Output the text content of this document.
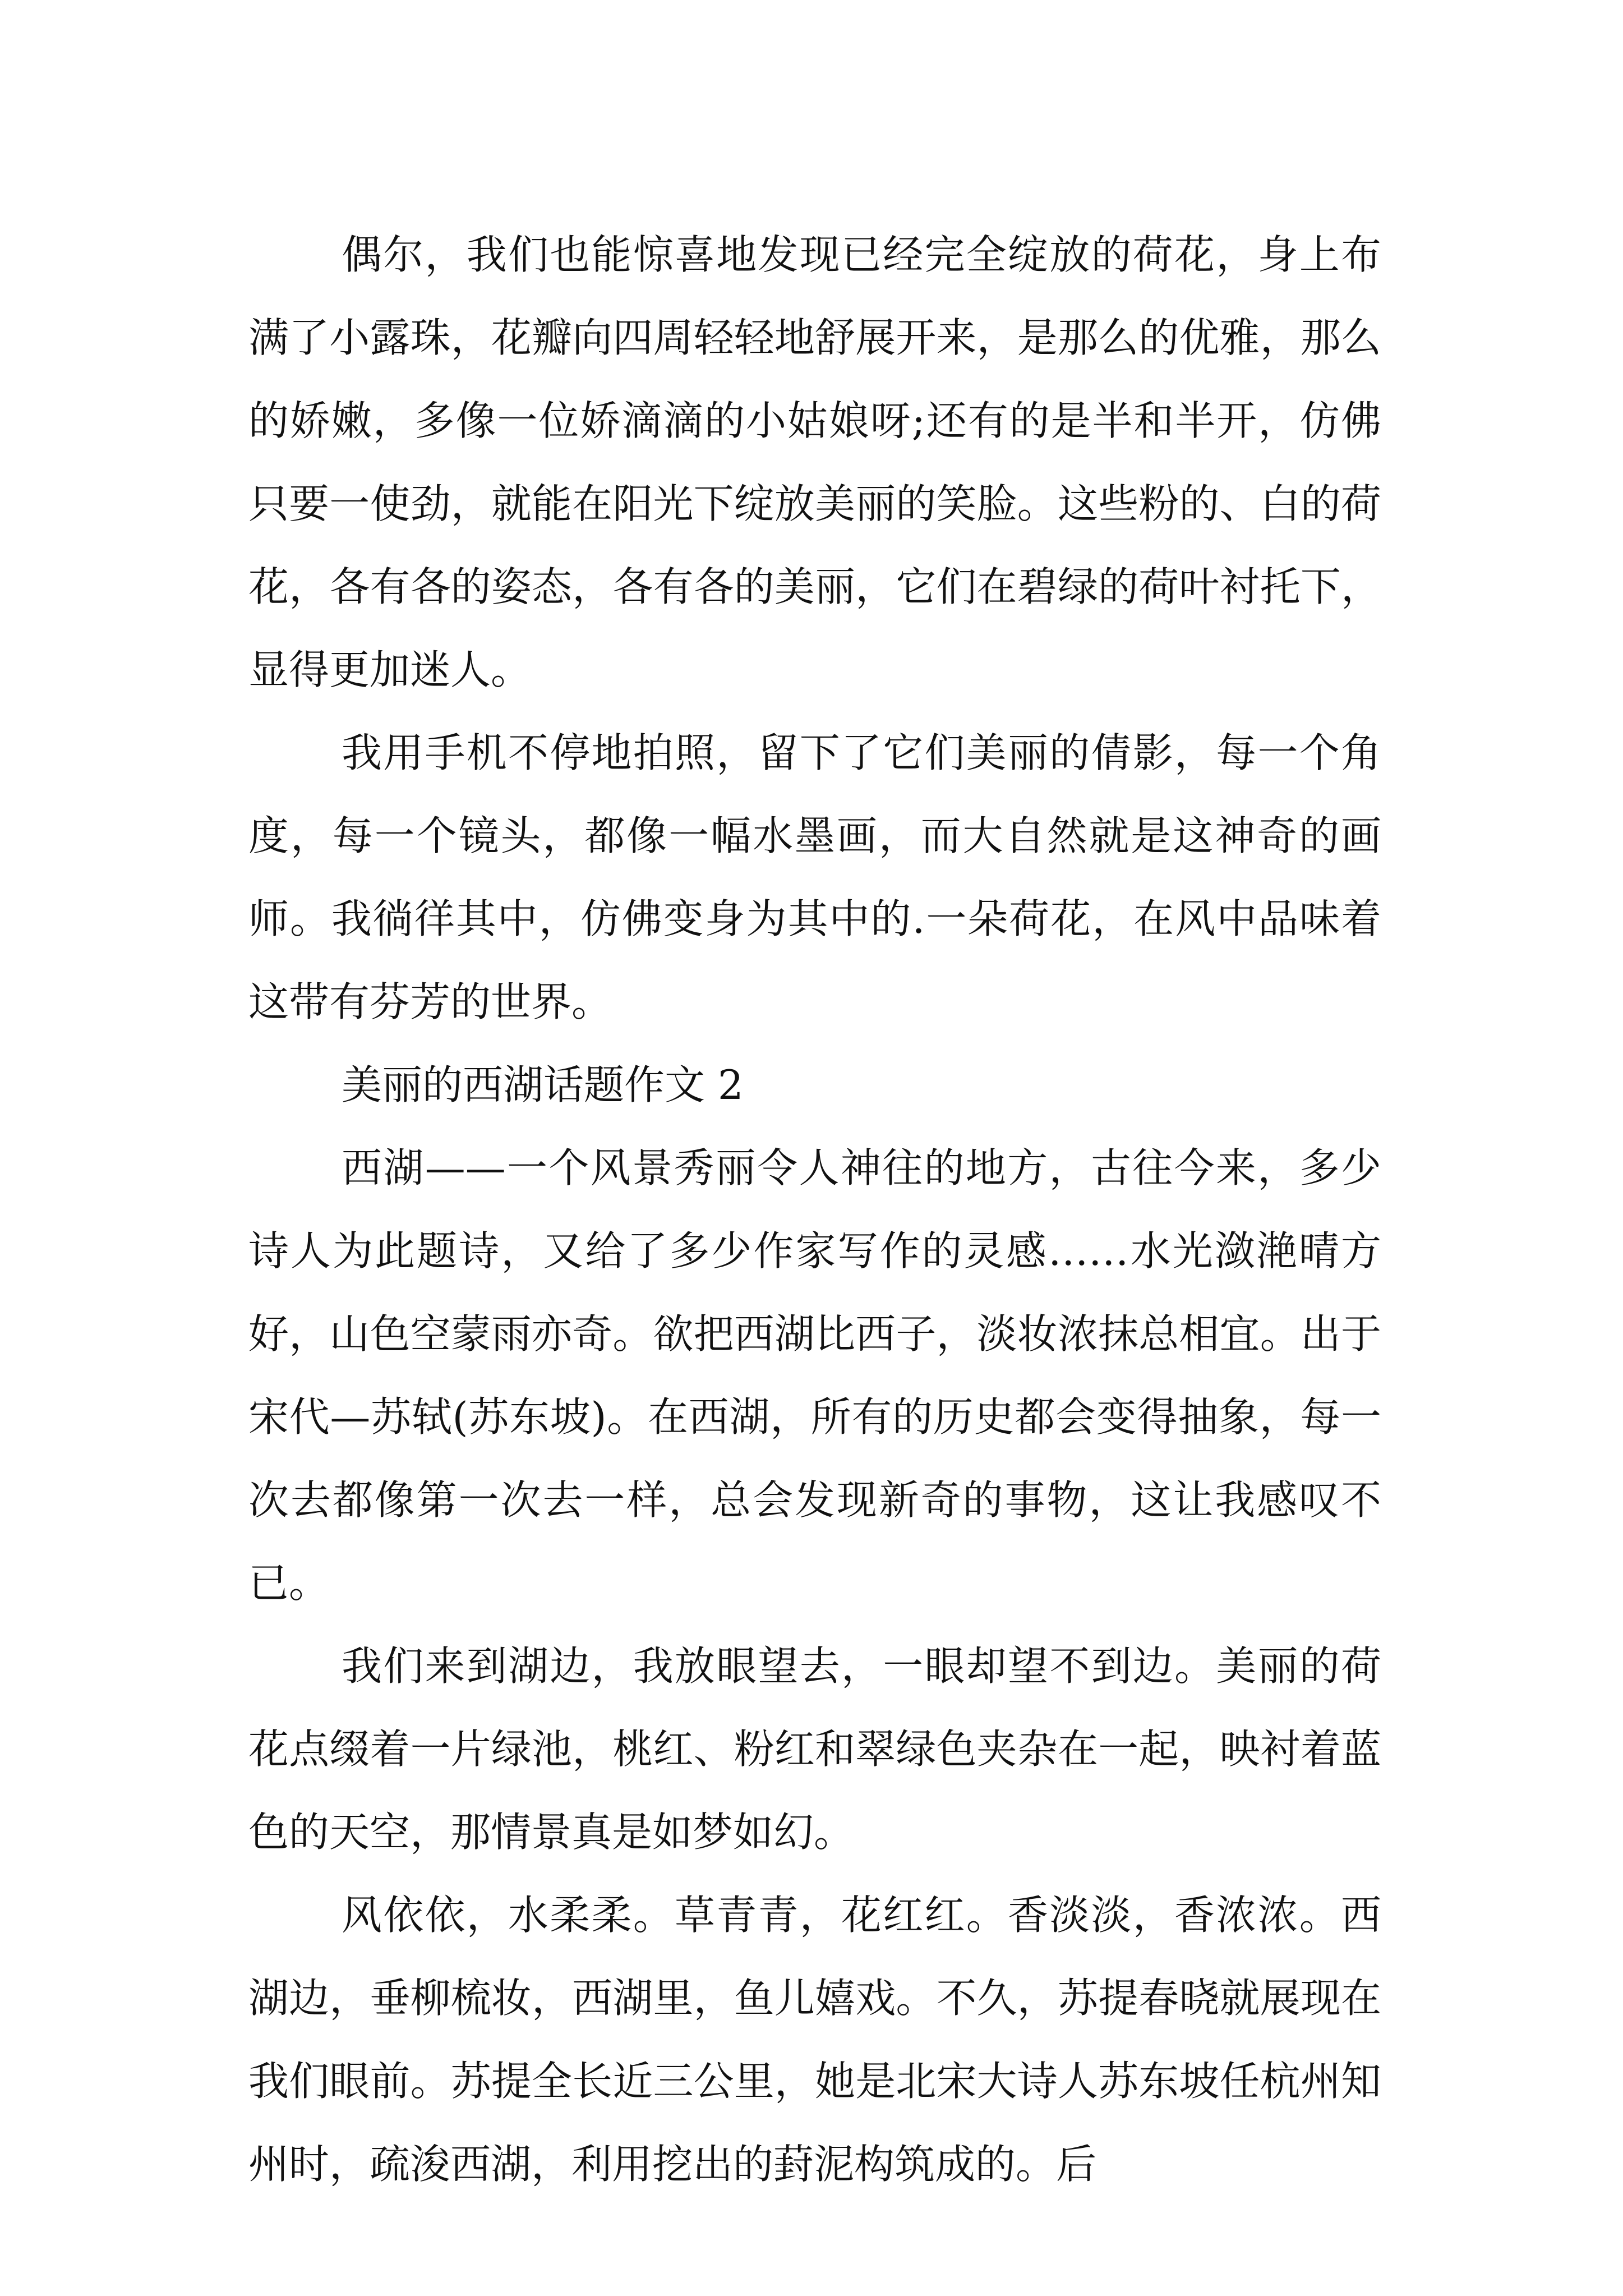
偶尔，我们也能惊喜地发现已经完全绽放的荷花，身上布满了小露珠，花瓣向四周轻轻地舒展开来，是那么的优雅，那么的娇嫩，多像一位娇滴滴的小姑娘呀;还有的是半和半开，仿佛只要一使劲，就能在阳光下绽放美丽的笑脸。这些粉的、白的荷花，各有各的姿态，各有各的美丽，它们在碧绿的荷叶衬托下，显得更加迷人。

我用手机不停地拍照，留下了它们美丽的倩影，每一个角度，每一个镜头，都像一幅水墨画，而大自然就是这神奇的画师。我徜徉其中，仿佛变身为其中的.一朵荷花，在风中品味着这带有芬芳的世界。

美丽的西湖话题作文 2

西湖——一个风景秀丽令人神往的地方，古往今来，多少诗人为此题诗，又给了多少作家写作的灵感……水光潋滟晴方好，山色空蒙雨亦奇。欲把西湖比西子，淡妆浓抹总相宜。出于宋代—苏轼(苏东坡)。在西湖，所有的历史都会变得抽象，每一次去都像第一次去一样，总会发现新奇的事物，这让我感叹不已。

我们来到湖边，我放眼望去，一眼却望不到边。美丽的荷花点缀着一片绿池，桃红、粉红和翠绿色夹杂在一起，映衬着蓝色的天空，那情景真是如梦如幻。

风依依，水柔柔。草青青，花红红。香淡淡，香浓浓。西湖边，垂柳梳妆，西湖里，鱼儿嬉戏。不久，苏提春晓就展现在我们眼前。苏提全长近三公里，她是北宋大诗人苏东坡任杭州知州时，疏浚西湖，利用挖出的葑泥构筑成的。后
